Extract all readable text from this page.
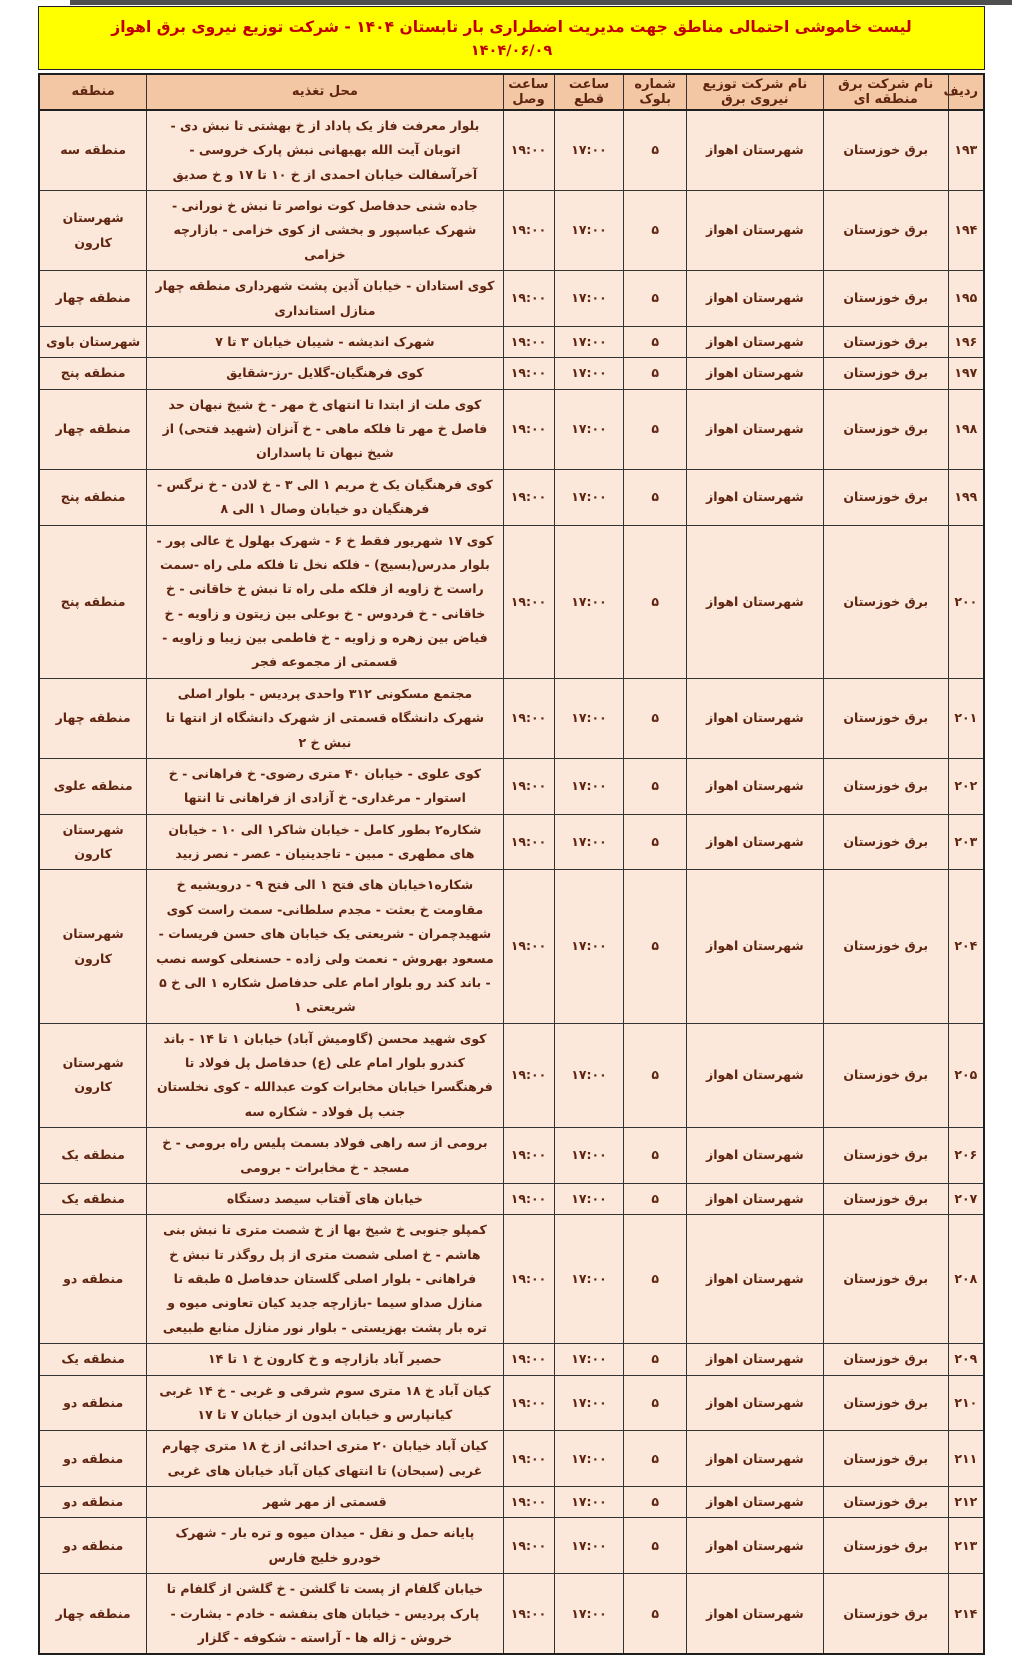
لیست خاموشی احتمالی مناطق جهت مدیریت اضطراری بار تابستان ۱۴۰۴ - شرکت توزیع نیروی برق اهواز
۱۴۰۴/۰۶/۰۹
ردیف	نام شرکت برق منطقه ای	نام شرکت توزیع نیروی برق	شماره بلوک	ساعت قطع	ساعت وصل	محل تغذیه	منطقه
۱۹۳	برق خوزستان	شهرستان اهواز	۵	۱۷:۰۰	۱۹:۰۰	بلوار معرفت فاز یک پاداد از خ بهشتی تا نبش دی - اتوبان آیت الله بهبهانی نبش پارک خروسی - آخرآسفالت خیابان احمدی از خ ۱۰ تا ۱۷ و خ صدیق	منطقه سه
۱۹۴	برق خوزستان	شهرستان اهواز	۵	۱۷:۰۰	۱۹:۰۰	جاده شنی حدفاصل کوت نواصر تا نبش خ نورانی - شهرک عباسپور و بخشی از کوی خزامی - بازارچه خزامی	شهرستان کارون
۱۹۵	برق خوزستان	شهرستان اهواز	۵	۱۷:۰۰	۱۹:۰۰	کوی استادان - خیابان آذین پشت شهرداری منطقه چهار منازل استانداری	منطقه چهار
۱۹۶	برق خوزستان	شهرستان اهواز	۵	۱۷:۰۰	۱۹:۰۰	شهرک اندیشه - شیبان خیابان ۳ تا ۷	شهرستان باوی
۱۹۷	برق خوزستان	شهرستان اهواز	۵	۱۷:۰۰	۱۹:۰۰	کوی فرهنگیان-گلایل -رز-شقایق	منطقه پنج
۱۹۸	برق خوزستان	شهرستان اهواز	۵	۱۷:۰۰	۱۹:۰۰	کوی ملت از ابتدا تا انتهای خ مهر - خ شیخ نبهان حد فاصل خ مهر تا فلکه ماهی - خ آنزان (شهید فتحی) از شیخ نبهان تا پاسداران	منطقه چهار
۱۹۹	برق خوزستان	شهرستان اهواز	۵	۱۷:۰۰	۱۹:۰۰	کوی فرهنگیان یک خ مریم ۱ الی ۳ - خ لادن - خ نرگس - فرهنگیان دو خیابان وصال ۱ الی ۸	منطقه پنج
۲۰۰	برق خوزستان	شهرستان اهواز	۵	۱۷:۰۰	۱۹:۰۰	کوی ۱۷ شهریور فقط خ ۶ - شهرک بهلول خ عالی پور - بلوار مدرس(بسیج) - فلکه نخل تا فلکه ملی راه -سمت راست خ زاویه از فلکه ملی راه تا نبش خ خاقانی - خ خاقانی - خ فردوس - خ بوعلی بین زیتون و زاویه - خ فیاض بین زهره و زاویه - خ فاطمی بین زیبا و زاویه - قسمتی از مجموعه فجر	منطقه پنج
۲۰۱	برق خوزستان	شهرستان اهواز	۵	۱۷:۰۰	۱۹:۰۰	مجتمع مسکونی ۳۱۲ واحدی پردیس - بلوار اصلی شهرک دانشگاه قسمتی از شهرک دانشگاه از انتها تا نبش خ ۲	منطقه چهار
۲۰۲	برق خوزستان	شهرستان اهواز	۵	۱۷:۰۰	۱۹:۰۰	کوی علوی - خیابان ۴۰ متری رضوی- خ فراهانی - خ استوار - مرغداری- خ آزادی از فراهانی تا انتها	منطقه علوی
۲۰۳	برق خوزستان	شهرستان اهواز	۵	۱۷:۰۰	۱۹:۰۰	شکاره۲ بطور کامل - خیابان شاکر۱ الی ۱۰ - خیابان های مطهری - مبین - تاجدینیان - عصر - نصر زبید	شهرستان کارون
۲۰۴	برق خوزستان	شهرستان اهواز	۵	۱۷:۰۰	۱۹:۰۰	شکاره۱خیابان های فتح ۱ الی فتح ۹ - درویشیه خ مقاومت خ بعثت - مجدم سلطانی- سمت راست کوی شهیدچمران - شریعتی یک خیابان های حسن فریسات - مسعود بهروش - نعمت ولی زاده - حسنعلی کوسه نصب - باند کند رو بلوار امام علی حدفاصل شکاره ۱ الی خ ۵ شریعتی ۱	شهرستان کارون
۲۰۵	برق خوزستان	شهرستان اهواز	۵	۱۷:۰۰	۱۹:۰۰	کوی شهید محسن (گاومیش آباد) خیابان ۱ تا ۱۴ - باند کندرو بلوار امام علی (ع) حدفاصل پل فولاد تا فرهنگسرا خیابان مخابرات کوت عبدالله - کوی نخلستان جنب پل فولاد - شکاره سه	شهرستان کارون
۲۰۶	برق خوزستان	شهرستان اهواز	۵	۱۷:۰۰	۱۹:۰۰	برومی از سه راهی فولاد بسمت پلیس راه برومی - خ مسجد - خ مخابرات - برومی	منطقه یک
۲۰۷	برق خوزستان	شهرستان اهواز	۵	۱۷:۰۰	۱۹:۰۰	خیابان های آفتاب سیصد دستگاه	منطقه یک
۲۰۸	برق خوزستان	شهرستان اهواز	۵	۱۷:۰۰	۱۹:۰۰	کمپلو جنوبی خ شیخ بها از خ شصت متری تا نبش بنی هاشم - خ اصلی شصت متری از پل روگذر تا نبش خ فراهانی - بلوار اصلی گلستان حدفاصل ۵ طبقه تا منازل صداو سیما -بازارچه جدید کیان تعاونی میوه و تره بار پشت بهزیستی - بلوار نور منازل منابع طبیعی	منطقه دو
۲۰۹	برق خوزستان	شهرستان اهواز	۵	۱۷:۰۰	۱۹:۰۰	حصیر آباد بازارچه و خ کارون خ ۱ تا ۱۴	منطقه یک
۲۱۰	برق خوزستان	شهرستان اهواز	۵	۱۷:۰۰	۱۹:۰۰	کیان آباد خ ۱۸ متری سوم شرقی و غربی - خ ۱۴ غربی کیانپارس و خیابان ایدون از خیابان ۷ تا ۱۷	منطقه دو
۲۱۱	برق خوزستان	شهرستان اهواز	۵	۱۷:۰۰	۱۹:۰۰	کیان آباد خیابان ۲۰ متری احدائی از خ ۱۸ متری چهارم غربی (سبحان) تا انتهای کیان آباد خیابان های غربی	منطقه دو
۲۱۲	برق خوزستان	شهرستان اهواز	۵	۱۷:۰۰	۱۹:۰۰	قسمتی از مهر شهر	منطقه دو
۲۱۳	برق خوزستان	شهرستان اهواز	۵	۱۷:۰۰	۱۹:۰۰	پایانه حمل و نقل - میدان میوه و تره بار - شهرک خودرو خلیج فارس	منطقه دو
۲۱۴	برق خوزستان	شهرستان اهواز	۵	۱۷:۰۰	۱۹:۰۰	خیابان گلفام از پست تا گلشن - خ گلشن از گلفام تا پارک پردیس - خیابان های بنفشه - خادم - بشارت - خروش - ژاله ها - آراسته - شکوفه - گلزار	منطقه چهار
